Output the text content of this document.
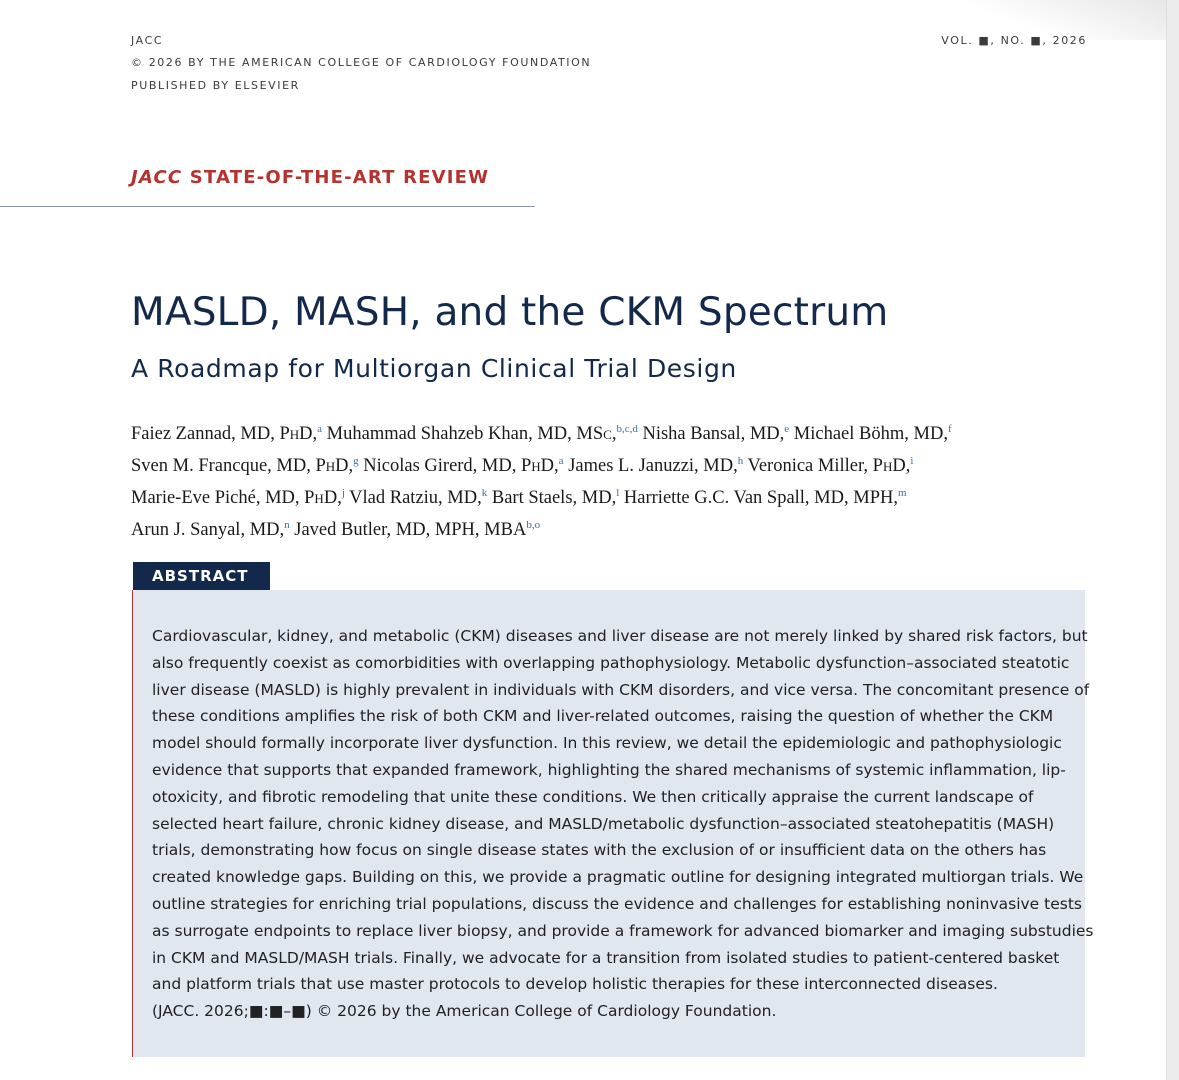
JACC
© 2026 BY THE AMERICAN COLLEGE OF CARDIOLOGY FOUNDATION
PUBLISHED BY ELSEVIER
VOL. ■, NO. ■, 2026
JACC STATE-OF-THE-ART REVIEW
MASLD, MASH, and the CKM Spectrum
A Roadmap for Multiorgan Clinical Trial Design
Faiez Zannad, MD, PhD,$^a$ Muhammad Shahzeb Khan, MD, MSc,$^{b,c,d}$ Nisha Bansal, MD,$^e$ Michael Böhm, MD,$^f$
Sven M. Francque, MD, PhD,$^g$ Nicolas Girerd, MD, PhD,$^a$ James L. Januzzi, MD,$^h$ Veronica Miller, PhD,$^i$
Marie-Eve Piché, MD, PhD,$^j$ Vlad Ratziu, MD,$^k$ Bart Staels, MD,$^l$ Harriette G.C. Van Spall, MD, MPH,$^m$
Arun J. Sanyal, MD,$^n$ Javed Butler, MD, MPH, MBA$^{b,o}$
ABSTRACT
Cardiovascular, kidney, and metabolic (CKM) diseases and liver disease are not merely linked by shared risk factors, but
also frequently coexist as comorbidities with overlapping pathophysiology. Metabolic dysfunction–associated steatotic
liver disease (MASLD) is highly prevalent in individuals with CKM disorders, and vice versa. The concomitant presence of
these conditions amplifies the risk of both CKM and liver-related outcomes, raising the question of whether the CKM
model should formally incorporate liver dysfunction. In this review, we detail the epidemiologic and pathophysiologic
evidence that supports that expanded framework, highlighting the shared mechanisms of systemic inflammation, lip-
otoxicity, and fibrotic remodeling that unite these conditions. We then critically appraise the current landscape of
selected heart failure, chronic kidney disease, and MASLD/metabolic dysfunction–associated steatohepatitis (MASH)
trials, demonstrating how focus on single disease states with the exclusion of or insufficient data on the others has
created knowledge gaps. Building on this, we provide a pragmatic outline for designing integrated multiorgan trials. We
outline strategies for enriching trial populations, discuss the evidence and challenges for establishing noninvasive tests
as surrogate endpoints to replace liver biopsy, and provide a framework for advanced biomarker and imaging substudies
in CKM and MASLD/MASH trials. Finally, we advocate for a transition from isolated studies to patient-centered basket
and platform trials that use master protocols to develop holistic therapies for these interconnected diseases.
(JACC. 2026;■:■–■) © 2026 by the American College of Cardiology Foundation.
